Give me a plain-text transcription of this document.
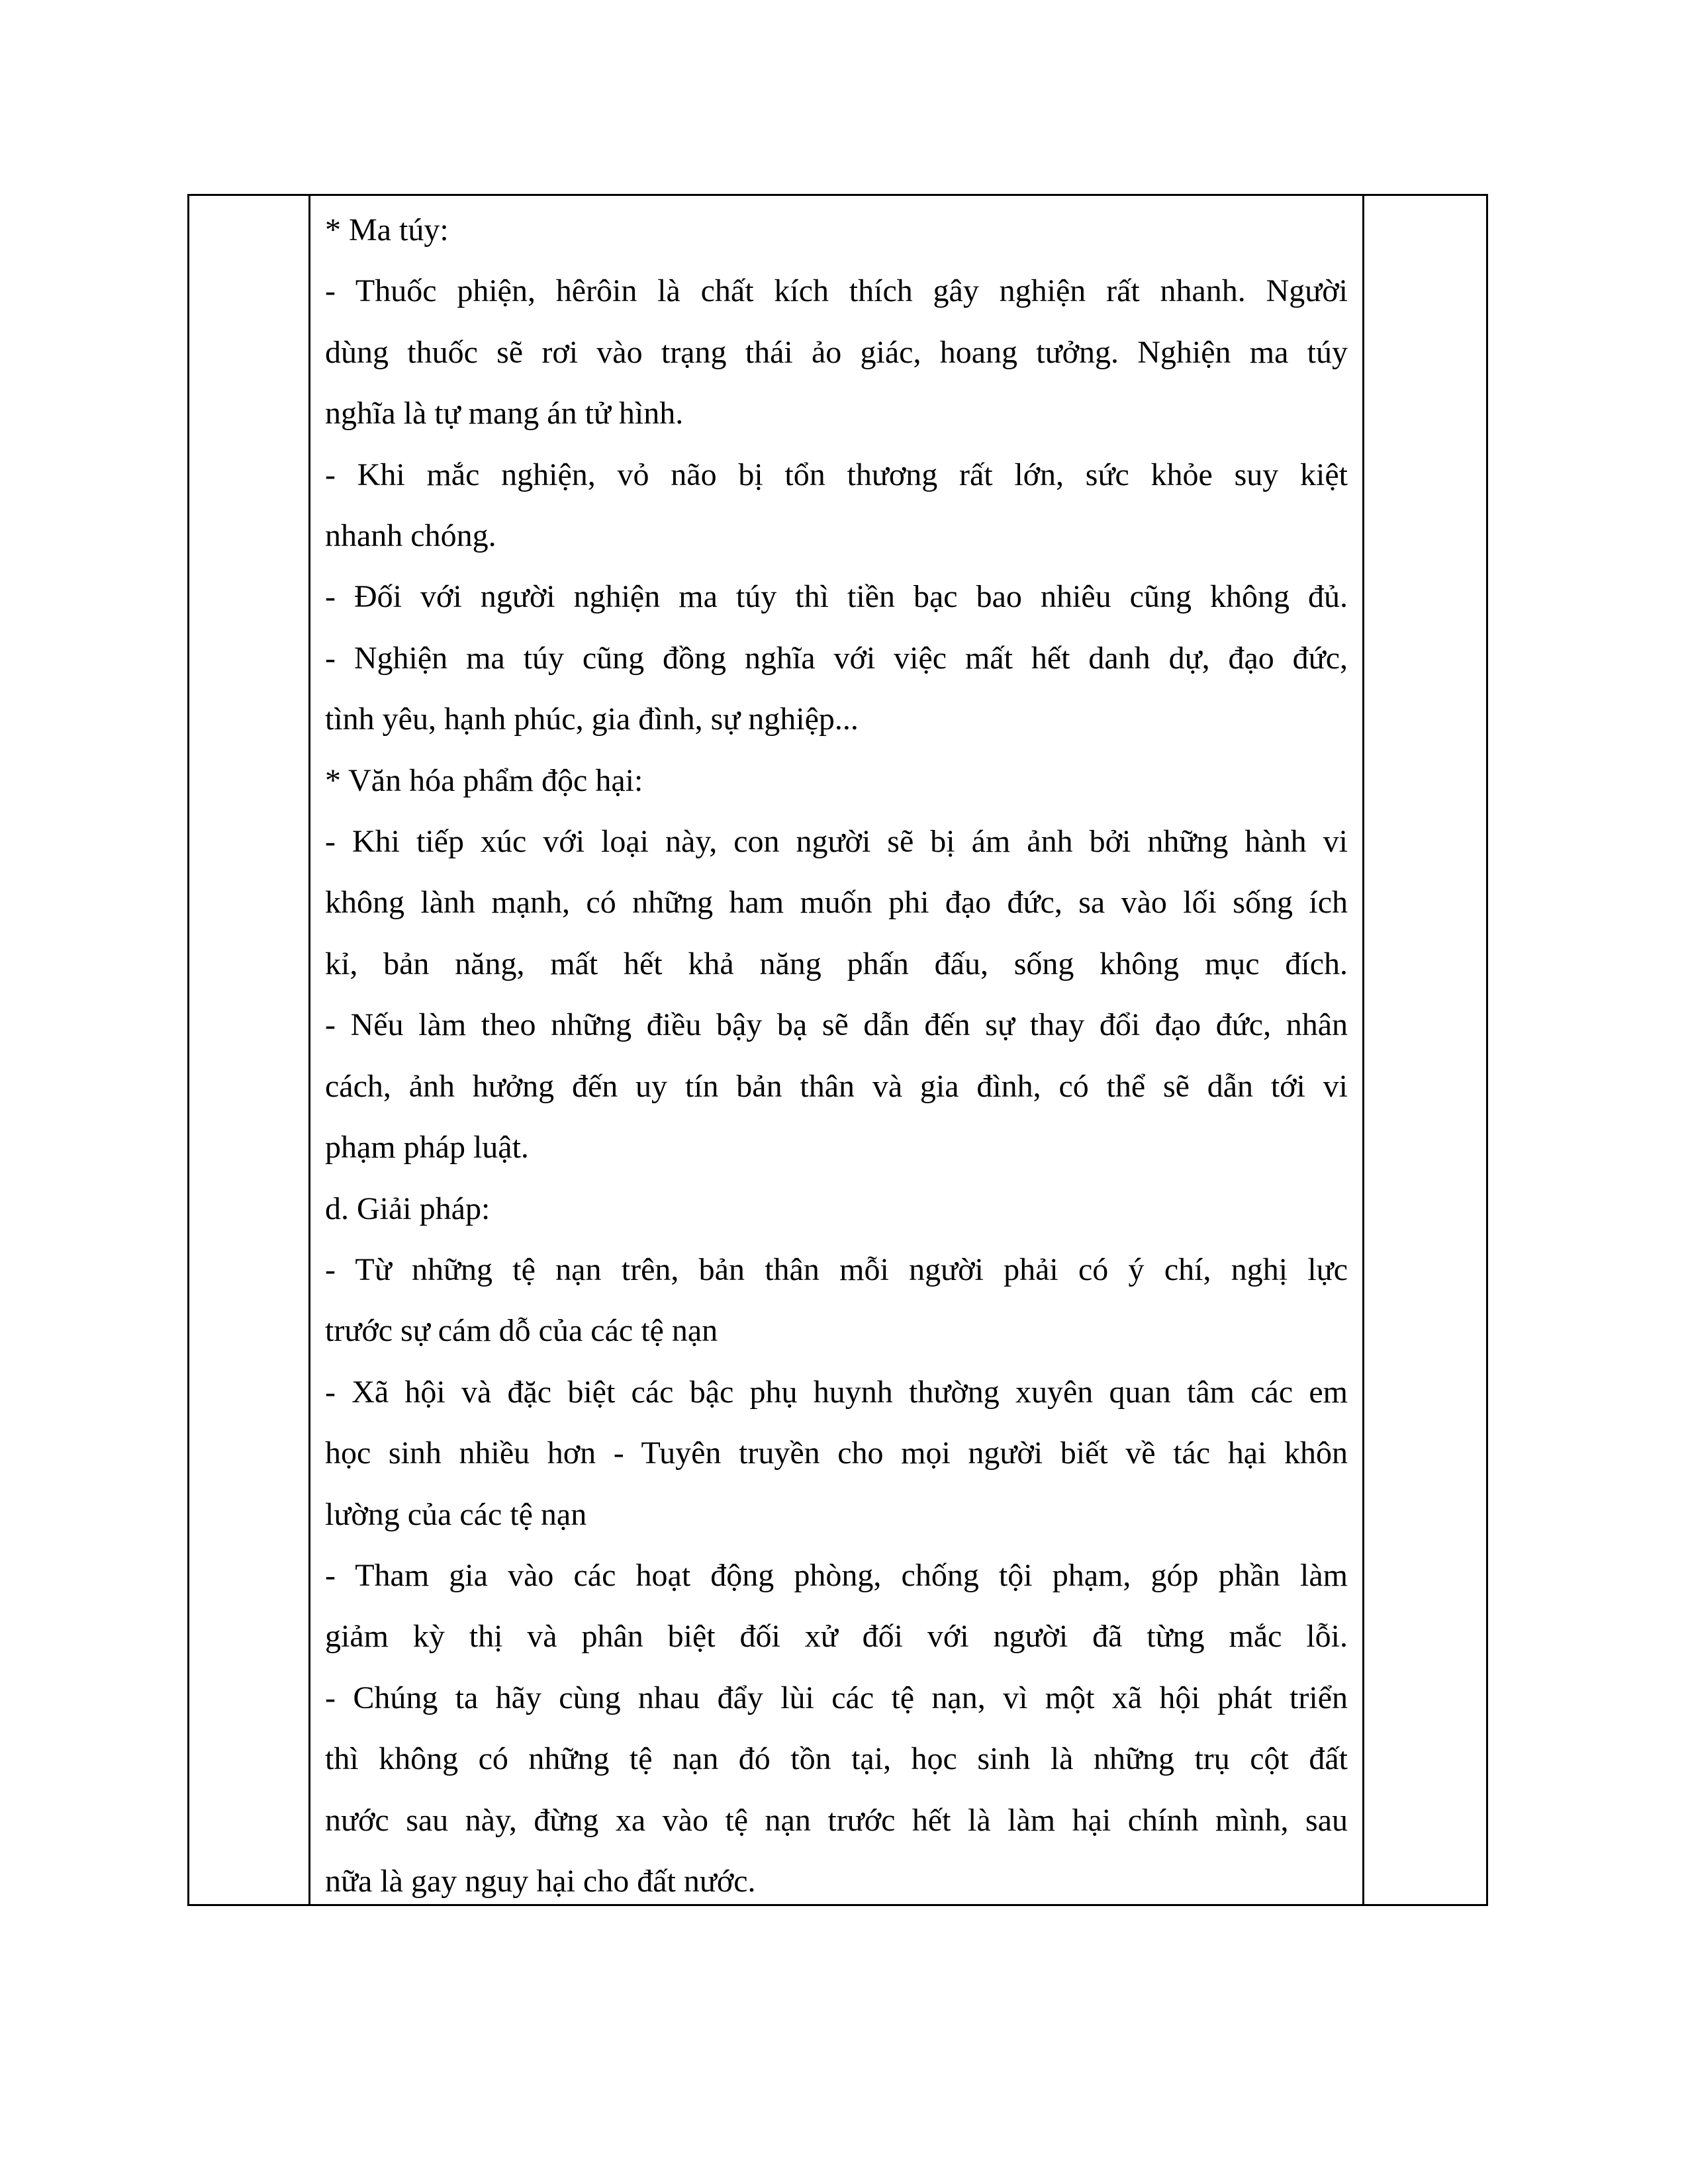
* Ma túy:
- Thuốc phiện, hêrôin là chất kích thích gây nghiện rất nhanh. Người
dùng thuốc sẽ rơi vào trạng thái ảo giác, hoang tưởng. Nghiện ma túy
nghĩa là tự mang án tử hình.
- Khi mắc nghiện, vỏ não bị tổn thương rất lớn, sức khỏe suy kiệt
nhanh chóng.
- Đối với người nghiện ma túy thì tiền bạc bao nhiêu cũng không đủ.
- Nghiện ma túy cũng đồng nghĩa với việc mất hết danh dự, đạo đức,
tình yêu, hạnh phúc, gia đình, sự nghiệp...
* Văn hóa phẩm độc hại:
- Khi tiếp xúc với loại này, con người sẽ bị ám ảnh bởi những hành vi
không lành mạnh, có những ham muốn phi đạo đức, sa vào lối sống ích
kỉ, bản năng, mất hết khả năng phấn đấu, sống không mục đích.
- Nếu làm theo những điều bậy bạ sẽ dẫn đến sự thay đổi đạo đức, nhân
cách, ảnh hưởng đến uy tín bản thân và gia đình, có thể sẽ dẫn tới vi
phạm pháp luật.
d. Giải pháp:
- Từ những tệ nạn trên, bản thân mỗi người phải có ý chí, nghị lực
trước sự cám dỗ của các tệ nạn
- Xã hội và đặc biệt các bậc phụ huynh thường xuyên quan tâm các em
học sinh nhiều hơn - Tuyên truyền cho mọi người biết về tác hại khôn
lường của các tệ nạn
- Tham gia vào các hoạt động phòng, chống tội phạm, góp phần làm
giảm kỳ thị và phân biệt đối xử đối với người đã từng mắc lỗi.
- Chúng ta hãy cùng nhau đẩy lùi các tệ nạn, vì một xã hội phát triển
thì không có những tệ nạn đó tồn tại, học sinh là những trụ cột đất
nước sau này, đừng xa vào tệ nạn trước hết là làm hại chính mình, sau
nữa là gay nguy hại cho đất nước.
